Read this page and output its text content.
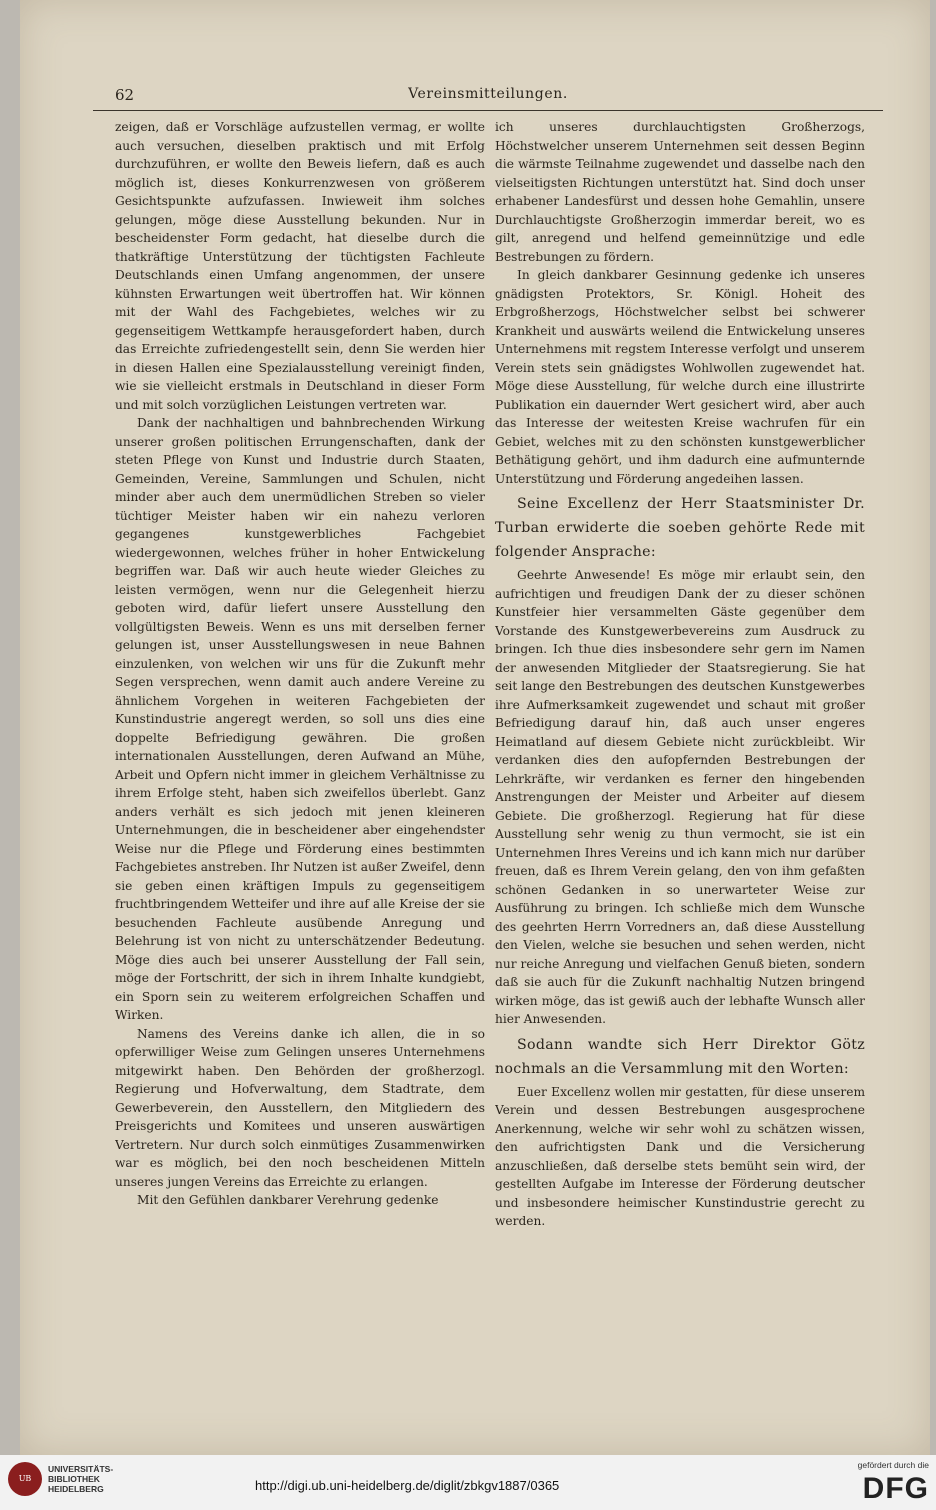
62	Vereinsmitteilungen.

zeigen, daß er Vorschläge aufzustellen vermag, er wollte auch versuchen, dieselben praktisch und mit Erfolg durchzuführen, er wollte den Beweis liefern, daß es auch möglich ist, dieses Konkurrenzwesen von größerem Gesichtspunkte aufzufassen. Inwieweit ihm solches gelungen, möge diese Ausstellung bekunden. Nur in bescheidenster Form gedacht, hat dieselbe durch die thatkräftige Unterstützung der tüchtigsten Fachleute Deutschlands einen Umfang angenommen, der unsere kühnsten Erwartungen weit übertroffen hat. Wir können mit der Wahl des Fachgebietes, welches wir zu gegenseitigem Wettkampfe herausgefordert haben, durch das Erreichte zufriedengestellt sein, denn Sie werden hier in diesen Hallen eine Spezialausstellung vereinigt finden, wie sie vielleicht erstmals in Deutschland in dieser Form und mit solch vorzüglichen Leistungen vertreten war.

Dank der nachhaltigen und bahnbrechenden Wirkung unserer großen politischen Errungenschaften, dank der steten Pflege von Kunst und Industrie durch Staaten, Gemeinden, Vereine, Sammlungen und Schulen, nicht minder aber auch dem unermüdlichen Streben so vieler tüchtiger Meister haben wir ein nahezu verloren gegangenes kunstgewerbliches Fachgebiet wiedergewonnen, welches früher in hoher Entwickelung begriffen war. Daß wir auch heute wieder Gleiches zu leisten vermögen, wenn nur die Gelegenheit hierzu geboten wird, dafür liefert unsere Ausstellung den vollgültigsten Beweis. Wenn es uns mit derselben ferner gelungen ist, unser Ausstellungswesen in neue Bahnen einzulenken, von welchen wir uns für die Zukunft mehr Segen versprechen, wenn damit auch andere Vereine zu ähnlichem Vorgehen in weiteren Fachgebieten der Kunstindustrie angeregt werden, so soll uns dies eine doppelte Befriedigung gewähren. Die großen internationalen Ausstellungen, deren Aufwand an Mühe, Arbeit und Opfern nicht immer in gleichem Verhältnisse zu ihrem Erfolge steht, haben sich zweifellos überlebt. Ganz anders verhält es sich jedoch mit jenen kleineren Unternehmungen, die in bescheidener aber eingehendster Weise nur die Pflege und Förderung eines bestimmten Fachgebietes anstreben. Ihr Nutzen ist außer Zweifel, denn sie geben einen kräftigen Impuls zu gegenseitigem fruchtbringendem Wetteifer und ihre auf alle Kreise der sie besuchenden Fachleute ausübende Anregung und Belehrung ist von nicht zu unterschätzender Bedeutung. Möge dies auch bei unserer Ausstellung der Fall sein, möge der Fortschritt, der sich in ihrem Inhalte kundgiebt, ein Sporn sein zu weiterem erfolgreichen Schaffen und Wirken.

Namens des Vereins danke ich allen, die in so opferwilliger Weise zum Gelingen unseres Unternehmens mitgewirkt haben. Den Behörden der großherzogl. Regierung und Hofverwaltung, dem Stadtrate, dem Gewerbeverein, den Ausstellern, den Mitgliedern des Preisgerichts und Komitees und unseren auswärtigen Vertretern. Nur durch solch einmütiges Zusammenwirken war es möglich, bei den noch bescheidenen Mitteln unseres jungen Vereins das Erreichte zu erlangen.

Mit den Gefühlen dankbarer Verehrung gedenke

ich unseres durchlauchtigsten Großherzogs, Höchstwelcher unserem Unternehmen seit dessen Beginn die wärmste Teilnahme zugewendet und dasselbe nach den vielseitigsten Richtungen unterstützt hat. Sind doch unser erhabener Landesfürst und dessen hohe Gemahlin, unsere Durchlauchtigste Großherzogin immerdar bereit, wo es gilt, anregend und helfend gemeinnützige und edle Bestrebungen zu fördern.

In gleich dankbarer Gesinnung gedenke ich unseres gnädigsten Protektors, Sr. Königl. Hoheit des Erbgroßherzogs, Höchstwelcher selbst bei schwerer Krankheit und auswärts weilend die Entwickelung unseres Unternehmens mit regstem Interesse verfolgt und unserem Verein stets sein gnädigstes Wohlwollen zugewendet hat. Möge diese Ausstellung, für welche durch eine illustrirte Publikation ein dauernder Wert gesichert wird, aber auch das Interesse der weitesten Kreise wachrufen für ein Gebiet, welches mit zu den schönsten kunstgewerblicher Bethätigung gehört, und ihm dadurch eine aufmunternde Unterstützung und Förderung angedeihen lassen.

Seine Excellenz der Herr Staatsminister Dr. Turban erwiderte die soeben gehörte Rede mit folgender Ansprache:

Geehrte Anwesende! Es möge mir erlaubt sein, den aufrichtigen und freudigen Dank der zu dieser schönen Kunstfeier hier versammelten Gäste gegenüber dem Vorstande des Kunstgewerbevereins zum Ausdruck zu bringen. Ich thue dies insbesondere sehr gern im Namen der anwesenden Mitglieder der Staatsregierung. Sie hat seit lange den Bestrebungen des deutschen Kunstgewerbes ihre Aufmerksamkeit zugewendet und schaut mit großer Befriedigung darauf hin, daß auch unser engeres Heimatland auf diesem Gebiete nicht zurückbleibt. Wir verdanken dies den aufopfernden Bestrebungen der Lehrkräfte, wir verdanken es ferner den hingebenden Anstrengungen der Meister und Arbeiter auf diesem Gebiete. Die großherzogl. Regierung hat für diese Ausstellung sehr wenig zu thun vermocht, sie ist ein Unternehmen Ihres Vereins und ich kann mich nur darüber freuen, daß es Ihrem Verein gelang, den von ihm gefaßten schönen Gedanken in so unerwarteter Weise zur Ausführung zu bringen. Ich schließe mich dem Wunsche des geehrten Herrn Vorredners an, daß diese Ausstellung den Vielen, welche sie besuchen und sehen werden, nicht nur reiche Anregung und vielfachen Genuß bieten, sondern daß sie auch für die Zukunft nachhaltig Nutzen bringend wirken möge, das ist gewiß auch der lebhafte Wunsch aller hier Anwesenden.

Sodann wandte sich Herr Direktor Götz nochmals an die Versammlung mit den Worten:

Euer Excellenz wollen mir gestatten, für diese unserem Verein und dessen Bestrebungen ausgesprochene Anerkennung, welche wir sehr wohl zu schätzen wissen, den aufrichtigsten Dank und die Versicherung anzuschließen, daß derselbe stets bemüht sein wird, der gestellten Aufgabe im Interesse der Förderung deutscher und insbesondere heimischer Kunstindustrie gerecht zu werden.

UB
UNIVERSITÄTS-BIBLIOTHEK HEIDELBERG	http://digi.ub.uni-heidelberg.de/diglit/zbkgv1887/0365
gefördert durch die
DFG
